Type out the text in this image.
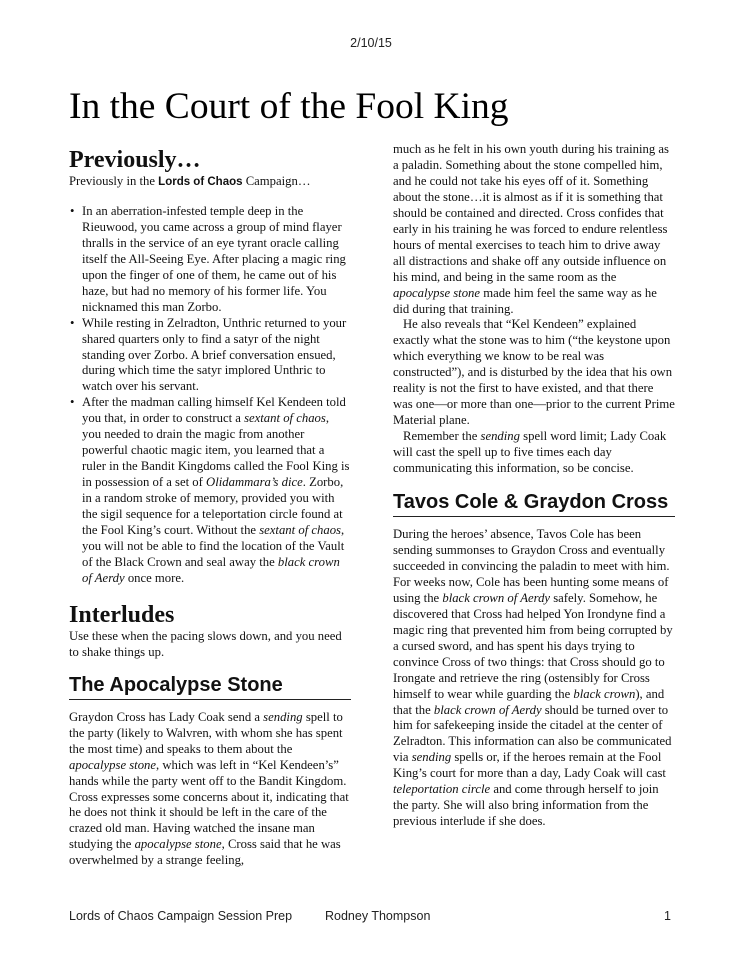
2/10/15
In the Court of the Fool King
Previously…

Previously in the Lords of Chaos Campaign…

• In an aberration-infested temple deep in the Rieuwood, you came across a group of mind flayer thralls in the service of an eye tyrant oracle calling itself the All-Seeing Eye. After placing a magic ring upon the finger of one of them, he came out of his haze, but had no memory of his former life. You nicknamed this man Zorbo.
• While resting in Zelradton, Unthric returned to your shared quarters only to find a satyr of the night standing over Zorbo. A brief conversation ensued, during which time the satyr implored Unthric to watch over his servant.
• After the madman calling himself Kel Kendeen told you that, in order to construct a sextant of chaos, you needed to drain the magic from another powerful chaotic magic item, you learned that a ruler in the Bandit Kingdoms called the Fool King is in possession of a set of Olidammara’s dice. Zorbo, in a random stroke of memory, provided you with the sigil sequence for a teleportation circle found at the Fool King’s court. Without the sextant of chaos, you will not be able to find the location of the Vault of the Black Crown and seal away the black crown of Aerdy once more.
Interludes

Use these when the pacing slows down, and you need to shake things up.

The Apocalypse Stone

Graydon Cross has Lady Coak send a sending spell to the party (likely to Walvren, with whom she has spent the most time) and speaks to them about the apocalypse stone, which was left in “Kel Kendeen’s” hands while the party went off to the Bandit Kingdom. Cross expresses some concerns about it, indicating that he does not think it should be left in the care of the crazed old man. Having watched the insane man studying the apocalypse stone, Cross said that he was overwhelmed by a strange feeling,

much as he felt in his own youth during his training as a paladin. Something about the stone compelled him, and he could not take his eyes off of it. Something about the stone…it is almost as if it is something that should be contained and directed. Cross confides that early in his training he was forced to endure relentless hours of mental exercises to teach him to drive away all distractions and shake off any outside influence on his mind, and being in the same room as the apocalypse stone made him feel the same way as he did during that training.

He also reveals that “Kel Kendeen” explained exactly what the stone was to him (“the keystone upon which everything we know to be real was constructed”), and is disturbed by the idea that his own reality is not the first to have existed, and that there was one—or more than one—prior to the current Prime Material plane.

Remember the sending spell word limit; Lady Coak will cast the spell up to five times each day communicating this information, so be concise.

Tavos Cole & Graydon Cross

During the heroes’ absence, Tavos Cole has been sending summonses to Graydon Cross and eventually succeeded in convincing the paladin to meet with him. For weeks now, Cole has been hunting some means of using the black crown of Aerdy safely. Somehow, he discovered that Cross had helped Yon Irondyne find a magic ring that prevented him from being corrupted by a cursed sword, and has spent his days trying to convince Cross of two things: that Cross should go to Irongate and retrieve the ring (ostensibly for Cross himself to wear while guarding the black crown), and that the black crown of Aerdy should be turned over to him for safekeeping inside the citadel at the center of Zelradton. This information can also be communicated via sending spells or, if the heroes remain at the Fool King’s court for more than a day, Lady Coak will cast teleportation circle and come through herself to join the party. She will also bring information from the previous interlude if she does.

Lords of Chaos Campaign Session Prep	Rodney Thompson	1
